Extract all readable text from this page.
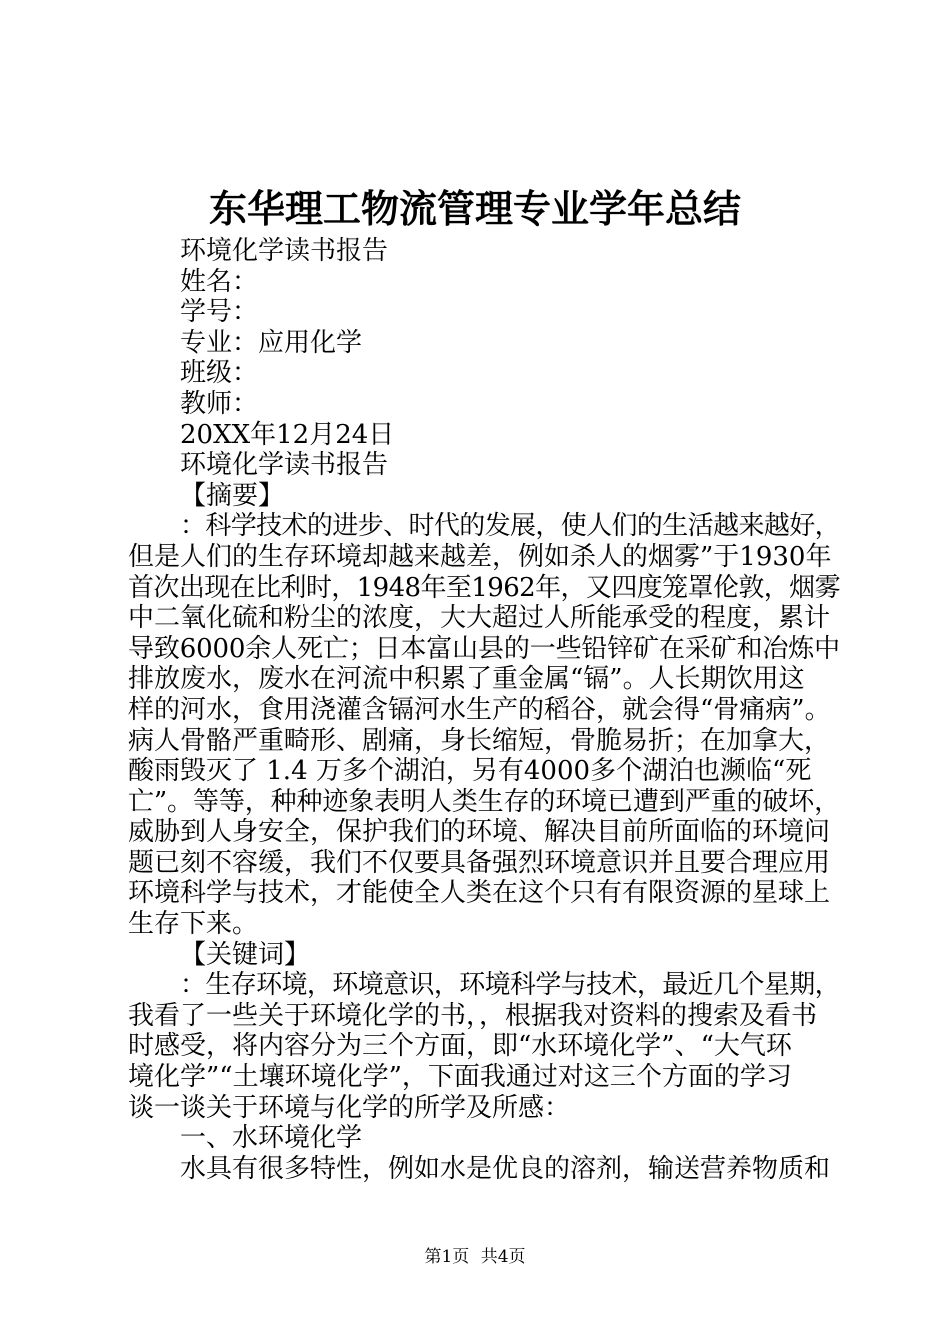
东华理工物流管理专业学年总结
环境化学读书报告
姓名：
学号：
专业：应用化学
班级：
教师：
20XX年12月24日
环境化学读书报告
【摘要】
：科学技术的进步、时代的发展，使人们的生活越来越好，
但是人们的生存环境却越来越差，例如杀人的烟雾”于1930年
首次出现在比利时，1948年至1962年，又四度笼罩伦敦，烟雾
中二氧化硫和粉尘的浓度，大大超过人所能承受的程度，累计
导致6000余人死亡；日本富山县的一些铅锌矿在采矿和冶炼中
排放废水，废水在河流中积累了重金属“镉”。人长期饮用这
样的河水，食用浇灌含镉河水生产的稻谷，就会得“骨痛病”。
病人骨骼严重畸形、剧痛，身长缩短，骨脆易折；在加拿大，
酸雨毁灭了 1.4 万多个湖泊，另有4000多个湖泊也濒临“死
亡”。等等，种种迹象表明人类生存的环境已遭到严重的破坏，
威胁到人身安全，保护我们的环境、解决目前所面临的环境问
题已刻不容缓，我们不仅要具备强烈环境意识并且要合理应用
环境科学与技术，才能使全人类在这个只有有限资源的星球上
生存下来。
【关键词】
：生存环境，环境意识，环境科学与技术，最近几个星期，
我看了一些关于环境化学的书，，根据我对资料的搜索及看书
时感受，将内容分为三个方面，即“水环境化学”、“大气环
境化学”“土壤环境化学”，下面我通过对这三个方面的学习
谈一谈关于环境与化学的所学及所感：
一、水环境化学
水具有很多特性，例如水是优良的溶剂，输送营养物质和
第1页 共4页
